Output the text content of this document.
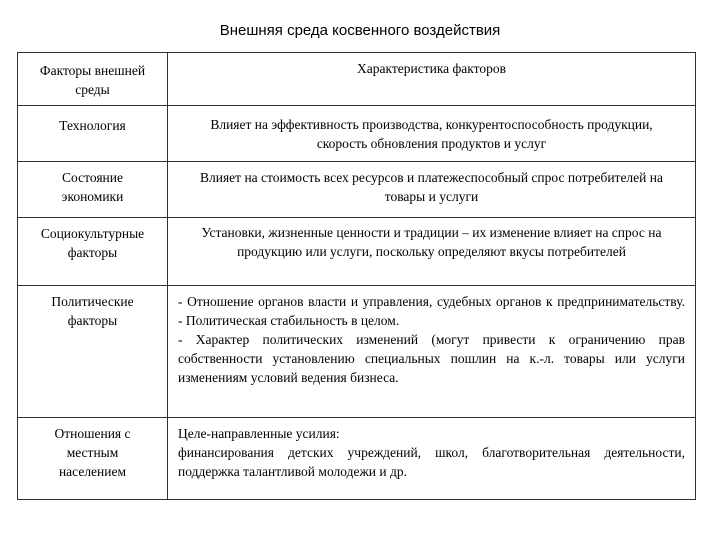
Внешняя среда косвенного воздействия
Факторы внешней среды	Характеристика факторов
Технология	Влияет на эффективность производства, конкурентоспособность продукции, скорость обновления продуктов и услуг
Состояние экономики	Влияет на стоимость всех ресурсов и платежеспособный спрос потребителей на товары и услуги
Социокультурные факторы	Установки, жизненные ценности и традиции – их изменение влияет на спрос на продукцию или услуги, поскольку определяют вкусы потребителей
Политические факторы	- Отношение органов власти и управления, судебных органов к предпринимательству.
- Политическая стабильность в целом.
- Характер политических изменений (могут привести к ограничению прав собственности установлению специальных пошлин на к.-л. товары или услуги изменениям условий ведения бизнеса.

Отношения с местным населением	Целе-направленные усилия:
финансирования детских учреждений, школ, благотворительная деятельности, поддержка талантливой молодежи и др.
